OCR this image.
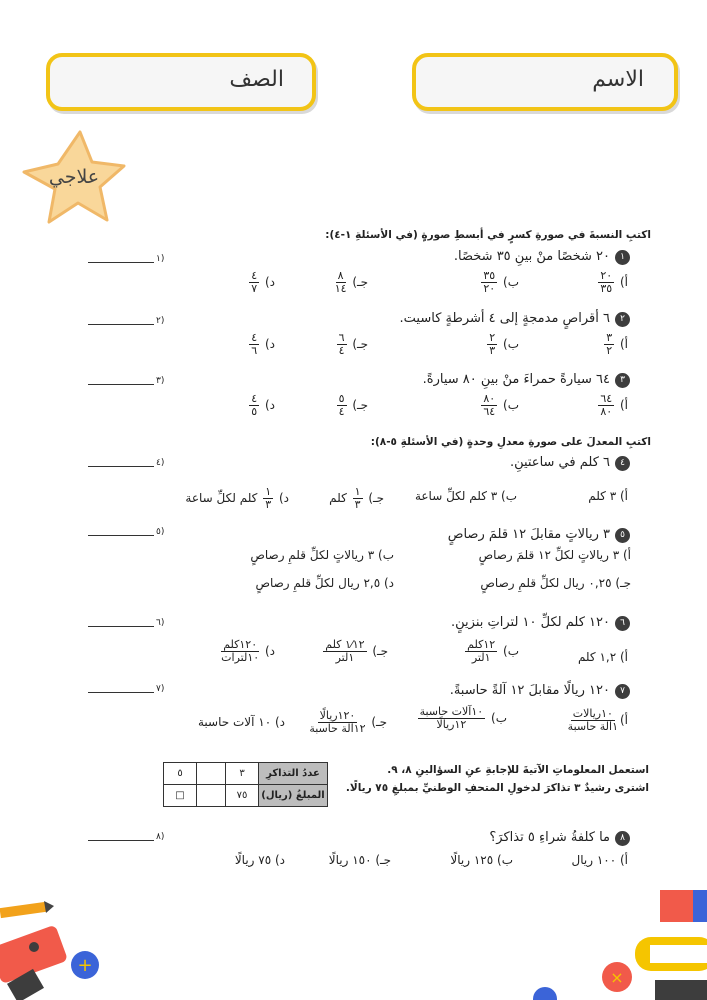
الصف	الاسم
علاجي
اكتبِ النسبةَ في صورةِ كسرٍ في أبسطِ صورةٍ (في الأسئلةِ ١-٤):
١
٢٠ شخصًا منْ بينِ ٣٥ شخصًا.
١)
أ)
$\frac{٢٠}{٣٥}$
ب)
$\frac{٣٥}{٢٠}$
جـ)
$\frac{٨}{١٤}$
د)
$\frac{٤}{٧}$
٢
٦ أقراصٍ مدمجةٍ إلى ٤ أشرطةٍ كاسيت.
٢)
أ)
$\frac{٣}{٢}$
ب)
$\frac{٢}{٣}$
جـ)
$\frac{٦}{٤}$
د)
$\frac{٤}{٦}$
٣
٦٤ سيارةً حمراءَ منْ بينِ ٨٠ سيارةً.
٣)
أ)
$\frac{٦٤}{٨٠}$
ب)
$\frac{٨٠}{٦٤}$
جـ)
$\frac{٥}{٤}$
د)
$\frac{٤}{٥}$
اكتبِ المعدلَ على صورةِ معدلِ وحدةٍ (في الأسئلةِ ٥-٨):
٤
٦ كلم في ساعتينِ.
٤)
أ) ٣ كلم
ب) ٣ كلم لكلِّ ساعة
جـ)
$\frac{١}{٣}$
كلم
د)
$\frac{١}{٣}$
كلم لكلِّ ساعة
٥
٣ ريالاتٍ مقابلَ ١٢ قلمَ رصاصٍ
٥)
أ) ٣ ريالاتٍ لكلِّ ١٢ قلمَ رصاصٍ
ب) ٣ ريالاتٍ لكلِّ قلمِ رصاصٍ
جـ) ٠,٢٥ ريال لكلِّ قلمِ رصاصٍ
د) ٢,٥ ريال لكلِّ قلمِ رصاصٍ
٦
١٢٠ كلم لكلِّ ١٠ لتراتِ بنزينٍ.
٦)
أ) ١,٢ كلم
ب)
$\frac{\text{١٢كلم}}{\text{١لتر}}$
جـ)
$\frac{\text{١⁄١٢ كلم}}{\text{١لتر}}$
د)
$\frac{\text{١٢٠كلم}}{\text{١٠لترات}}$
٧
١٢٠ ريالًا مقابلَ ١٢ آلةً حاسبةً.
٧)
أ)
$\frac{\text{١٠ريالات}}{\text{١آلة حاسبة}}$
ب)
$\frac{\text{١٠آلات حاسبة}}{\text{١٢ريالًا}}$
جـ)
$\frac{\text{١٢٠ريالًا}}{\text{١٢آلة حاسبة}}$
د) ١٠ آلات حاسبة
استعمل المعلوماتِ الآتيةَ للإجابةِ عنِ السؤالينِ ٨، ٩.
اشترى رشيدٌ ٣ تذاكرَ لدخولِ المتحفِ الوطنيِّ بمبلغِ ٧٥ ريالًا.
عددُ التذاكرِ	٣		٥
المبلغُ (ريال)	٧٥		□
٨
ما كلفةُ شراءِ ٥ تذاكرَ؟
٨)
أ) ١٠٠ ريال
ب) ١٢٥ ريالًا
جـ) ١٥٠ ريالًا
د) ٧٥ ريالًا
+
×
